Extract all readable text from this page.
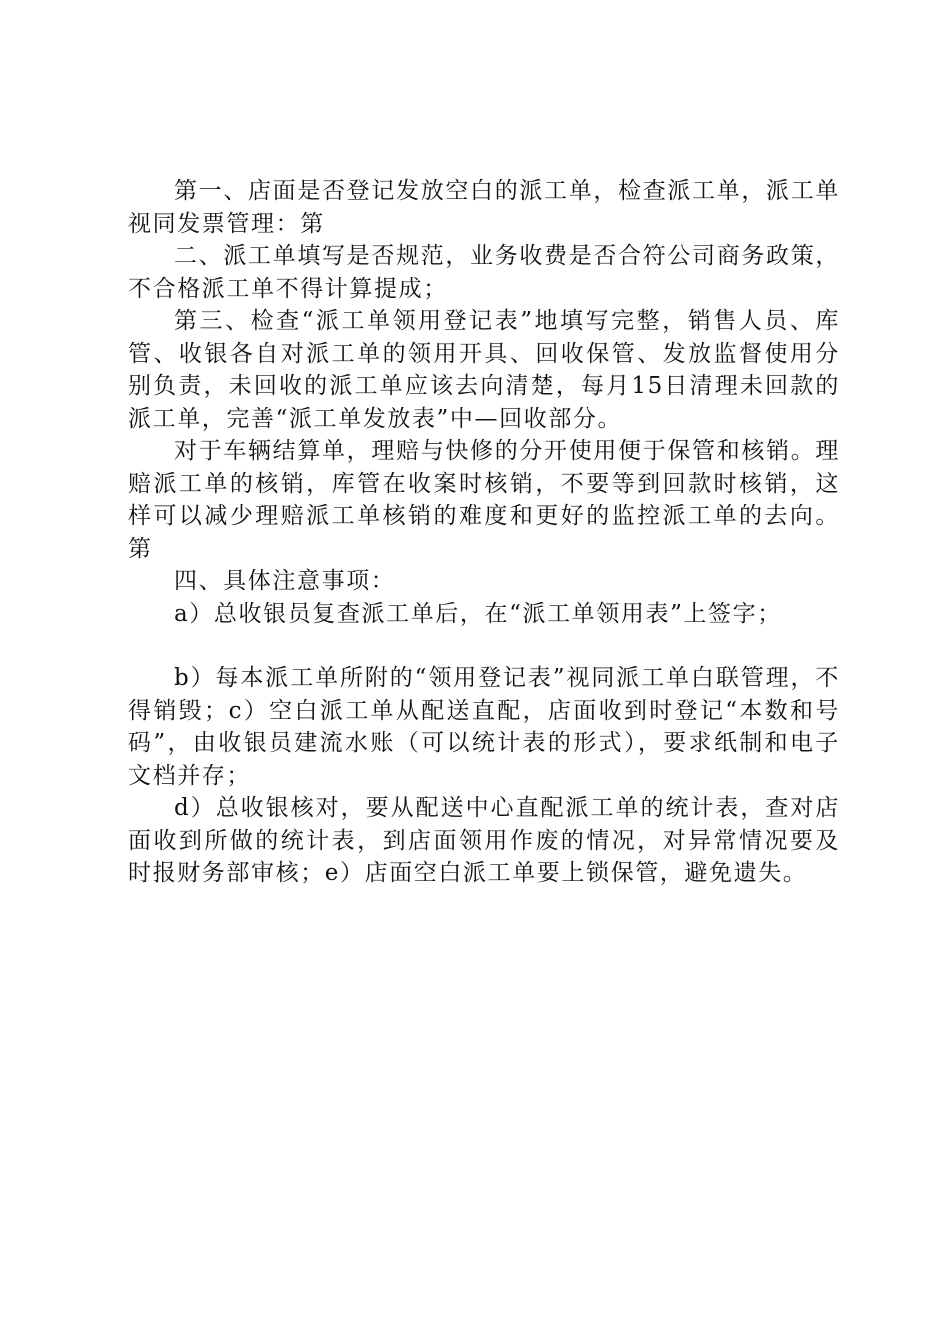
第一、店面是否登记发放空白的派工单，检查派工单，派工单视同发票管理：第

二、派工单填写是否规范，业务收费是否合符公司商务政策，不合格派工单不得计算提成；

第三、检查“派工单领用登记表”地填写完整，销售人员、库管、收银各自对派工单的领用开具、回收保管、发放监督使用分别负责，未回收的派工单应该去向清楚，每月15日清理未回款的派工单，完善“派工单发放表”中—回收部分。

对于车辆结算单，理赔与快修的分开使用便于保管和核销。理赔派工单的核销，库管在收案时核销，不要等到回款时核销，这样可以减少理赔派工单核销的难度和更好的监控派工单的去向。第

四、具体注意事项：

a）总收银员复查派工单后，在“派工单领用表”上签字；

b）每本派工单所附的“领用登记表”视同派工单白联管理，不得销毁；c）空白派工单从配送直配，店面收到时登记“本数和号码”，由收银员建流水账（可以统计表的形式），要求纸制和电子文档并存；

d）总收银核对，要从配送中心直配派工单的统计表，查对店面收到所做的统计表，到店面领用作废的情况，对异常情况要及时报财务部审核；e）店面空白派工单要上锁保管，避免遗失。
